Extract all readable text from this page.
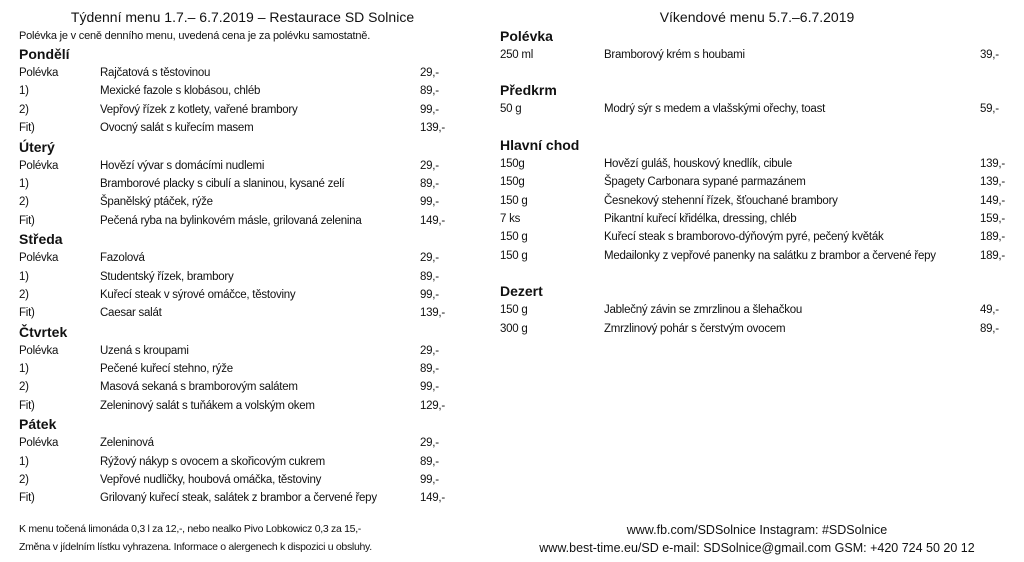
Týdenní menu 1.7.– 6.7.2019 – Restaurace SD Solnice
Polévka je v ceně denního menu, uvedená cena je za polévku samostatně.
Pondělí
Polévka	Rajčatová s těstovinou	29,-
1)	Mexické fazole s klobásou, chléb	89,-
2)	Vepřový řízek z kotlety, vařené brambory	99,-
Fit)	Ovocný salát s kuřecím masem	139,-
Úterý
Polévka	Hovězí vývar s domácími nudlemi	29,-
1)	Bramborové placky s cibulí a slaninou, kysané zelí	89,-
2)	Španělský ptáček, rýže	99,-
Fit)	Pečená ryba na bylinkovém másle, grilovaná zelenina	149,-
Středa
Polévka	Fazolová	29,-
1)	Studentský řízek, brambory	89,-
2)	Kuřecí steak v sýrové omáčce, těstoviny	99,-
Fit)	Caesar salát	139,-
Čtvrtek
Polévka	Uzená s kroupami	29,-
1)	Pečené kuřecí stehno, rýže	89,-
2)	Masová sekaná s bramborovým salátem	99,-
Fit)	Zeleninový salát s tuňákem a volským okem	129,-
Pátek
Polévka	Zeleninová	29,-
1)	Rýžový nákyp s ovocem a skořicovým cukrem	89,-
2)	Vepřové nudličky, houbová omáčka, těstoviny	99,-
Fit)	Grilovaný kuřecí steak, salátek z brambor a červené řepy	149,-
K menu točená limonáda 0,3 l za 12,-, nebo nealko Pivo Lobkowicz 0,3 za 15,-
Změna v jídelním lístku vyhrazena. Informace o alergenech k dispozici u obsluhy.
Víkendové menu 5.7.–6.7.2019
Polévka
250 ml	Bramborový krém s houbami	39,-
Předkrm
50 g	Modrý sýr s medem a vlašskými ořechy, toast	59,-
Hlavní chod
150g	Hovězí guláš, houskový knedlík, cibule	139,-
150g	Špagety Carbonara sypané parmazánem	139,-
150 g	Česnekový stehenní řízek, šťouchané brambory	149,-
7 ks	Pikantní kuřecí křidélka, dressing, chléb	159,-
150 g	Kuřecí steak s bramborovo-dýňovým pyré, pečený květák	189,-
150 g	Medailonky z vepřové panenky na salátku z brambor a červené řepy	189,-
Dezert
150 g	Jablečný závin se zmrzlinou a šlehačkou	49,-
300 g	Zmrzlinový pohár s čerstvým ovocem	89,-
www.fb.com/SDSolnice Instagram: #SDSolnice
www.best-time.eu/SD e-mail: SDSolnice@gmail.com GSM: +420 724 50 20 12
